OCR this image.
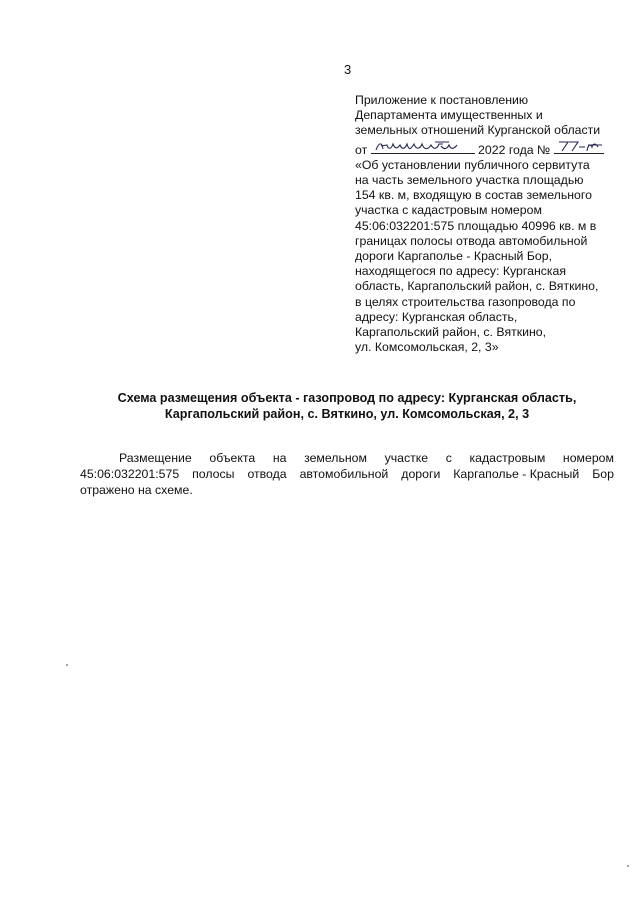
3
Приложение к постановлению
Департамента имущественных и
земельных отношений Курганской области
от	2022 года №
«Об установлении публичного сервитута
на часть земельного участка площадью
154 кв. м, входящую в состав земельного
участка с кадастровым номером
45:06:032201:575 площадью 40996 кв. м в
границах полосы отвода автомобильной
дороги Каргаполье - Красный Бор,
находящегося по адресу: Курганская
область, Каргапольский район, с. Вяткино,
в целях строительства газопровода по
адресу: Курганская область,
Каргапольский район, с. Вяткино,
ул. Комсомольская, 2, 3»
Схема размещения объекта - газопровод по адресу: Курганская область,
Каргапольский район, с. Вяткино, ул. Комсомольская, 2, 3
Размещение объекта на земельном участке с кадастровым номером
45:06:032201:575 полосы отвода автомобильной дороги Каргаполье - Красный Бор
отражено на схеме.
